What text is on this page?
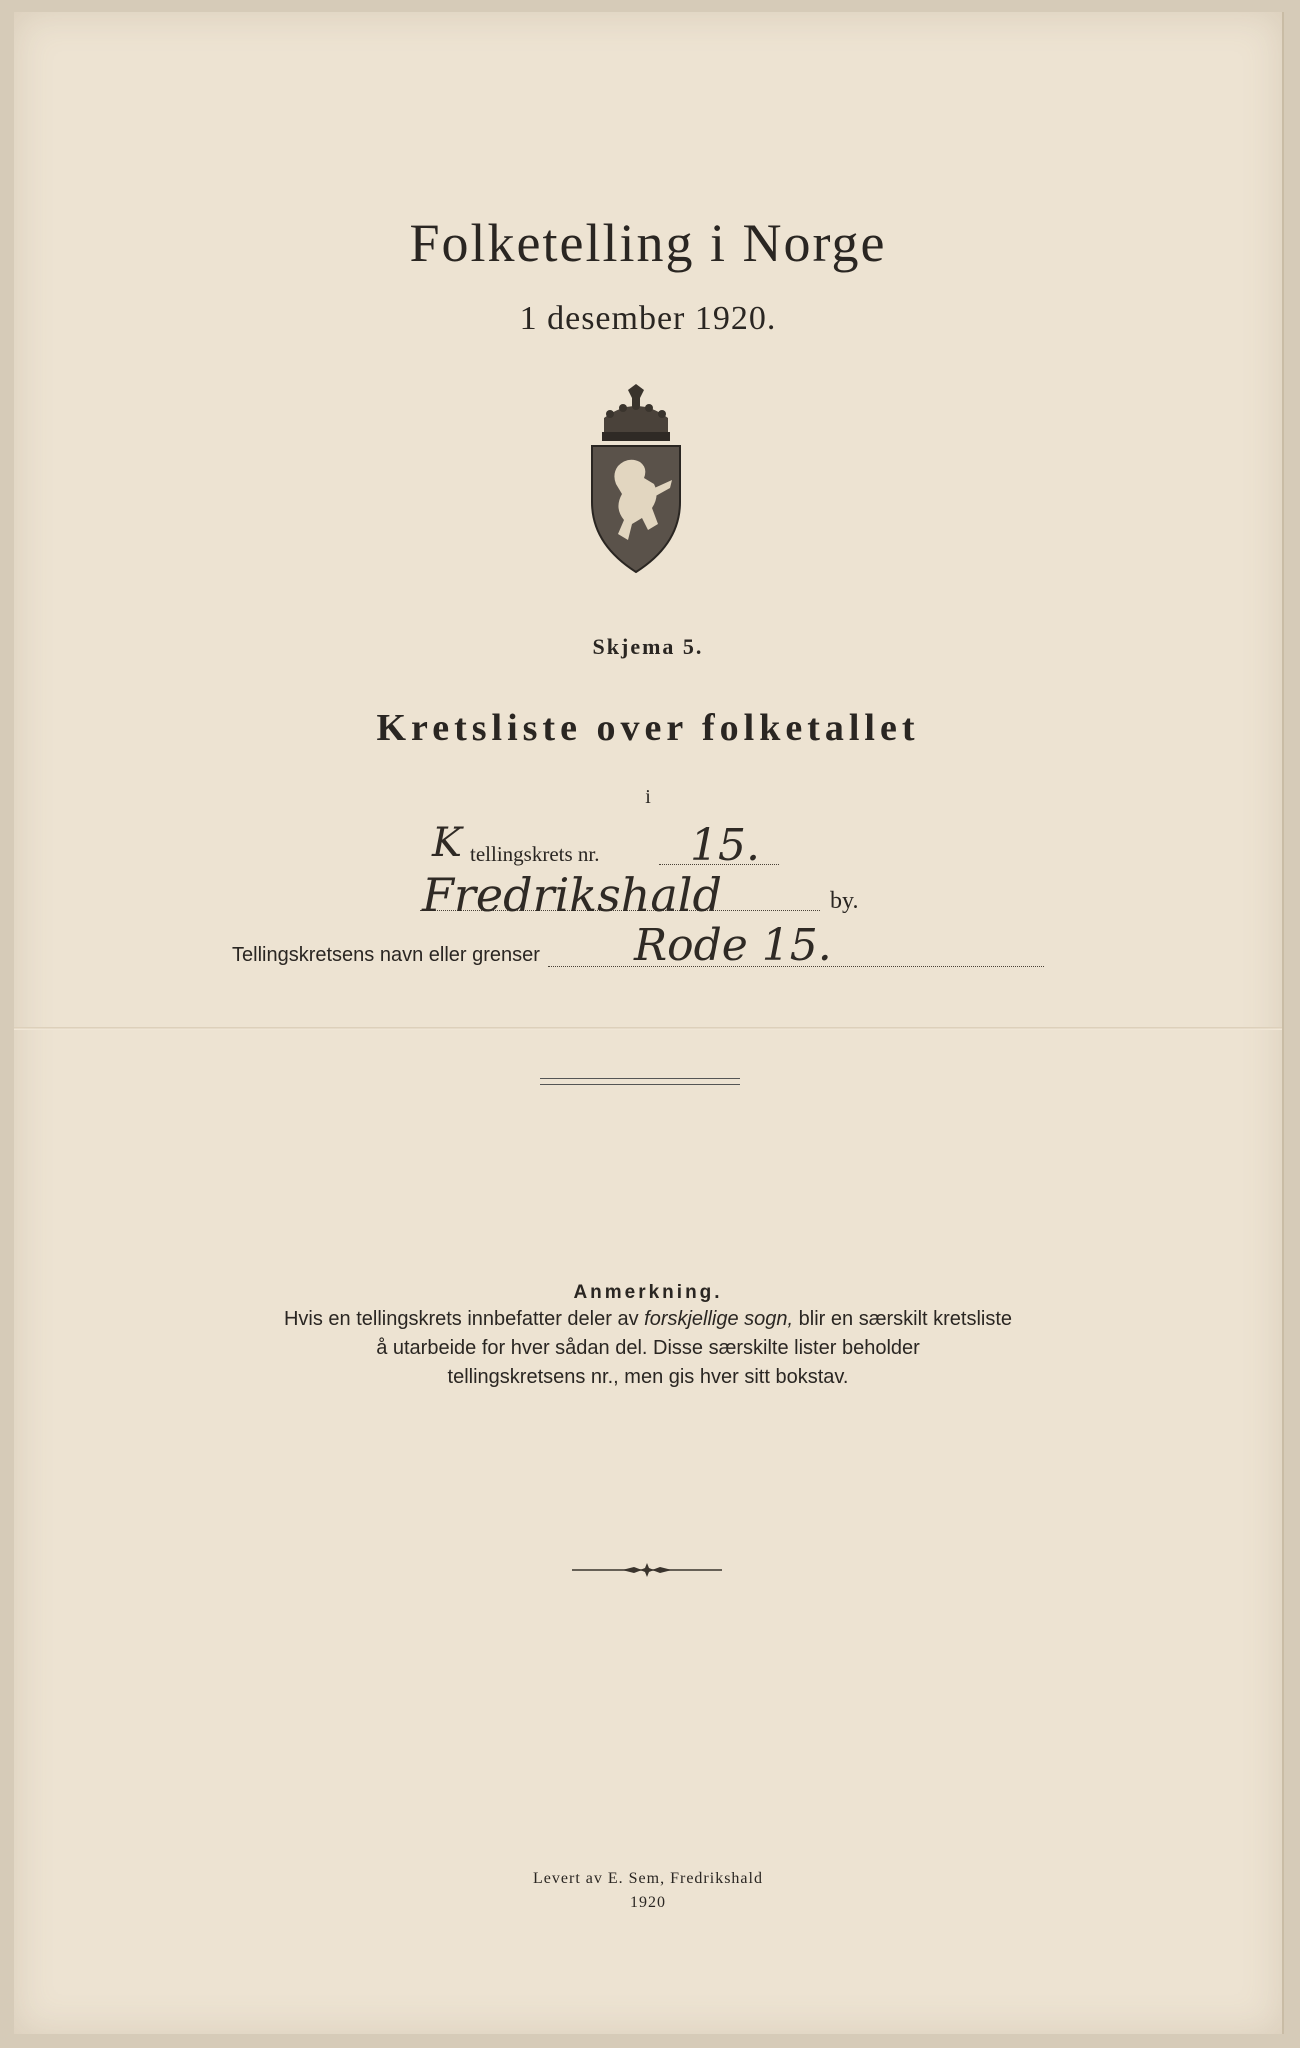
Folketelling i Norge
1 desember 1920.
Skjema 5.
Kretsliste over folketallet
i
K tellingskrets nr. 15.
Fredrikshald	by.
Tellingskretsens navn eller grenser Rode 15.
Anmerkning.
Hvis en tellingskrets innbefatter deler av forskjellige sogn, blir en særskilt kretsliste
å utarbeide for hver sådan del. Disse særskilte lister beholder
tellingskretsens nr., men gis hver sitt bokstav.
Levert av E. Sem, Fredrikshald
1920
